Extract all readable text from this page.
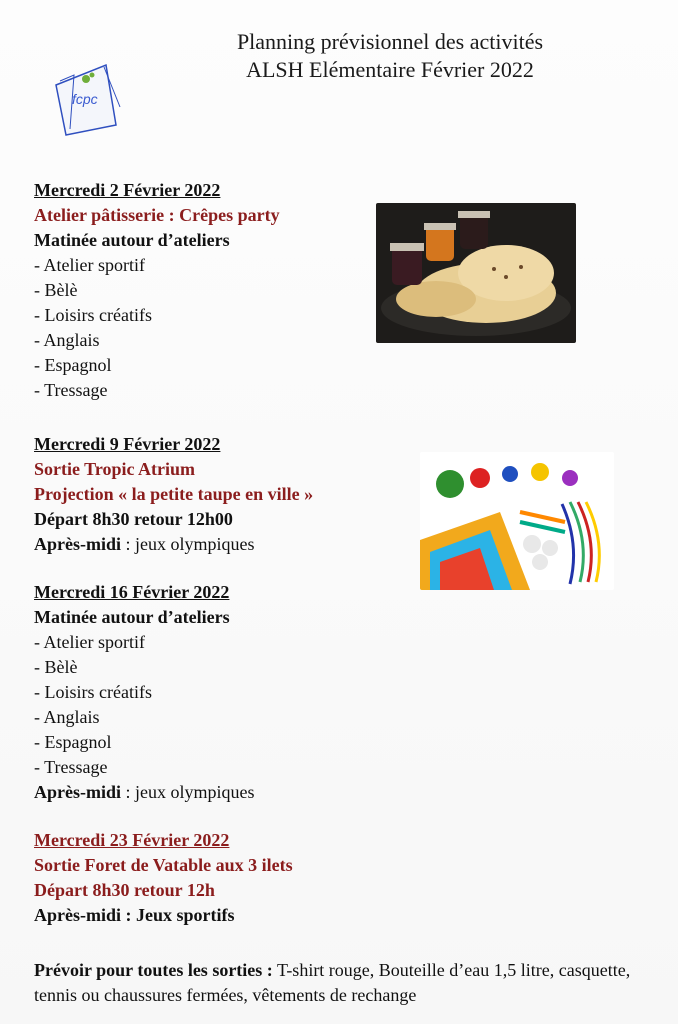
Planning prévisionnel des activités
ALSH Elémentaire Février 2022
fcpc
Mercredi 2 Février 2022
Atelier pâtisserie : Crêpes party
Matinée autour d’ateliers
- Atelier sportif
- Bèlè
- Loisirs créatifs
- Anglais
- Espagnol
- Tressage
Mercredi 9 Février 2022
Sortie Tropic Atrium
Projection « la petite taupe en ville »
Départ 8h30 retour 12h00
Après-midi : jeux olympiques
Mercredi 16 Février 2022
Matinée autour d’ateliers
- Atelier sportif
- Bèlè
- Loisirs créatifs
- Anglais
- Espagnol
- Tressage
Après-midi : jeux olympiques
Mercredi 23 Février 2022
Sortie Foret de Vatable aux 3 ilets
Départ 8h30 retour 12h
Après-midi : Jeux sportifs
Prévoir pour toutes les sorties : T-shirt rouge, Bouteille d’eau 1,5 litre, casquette, tennis ou chaussures fermées, vêtements de rechange
